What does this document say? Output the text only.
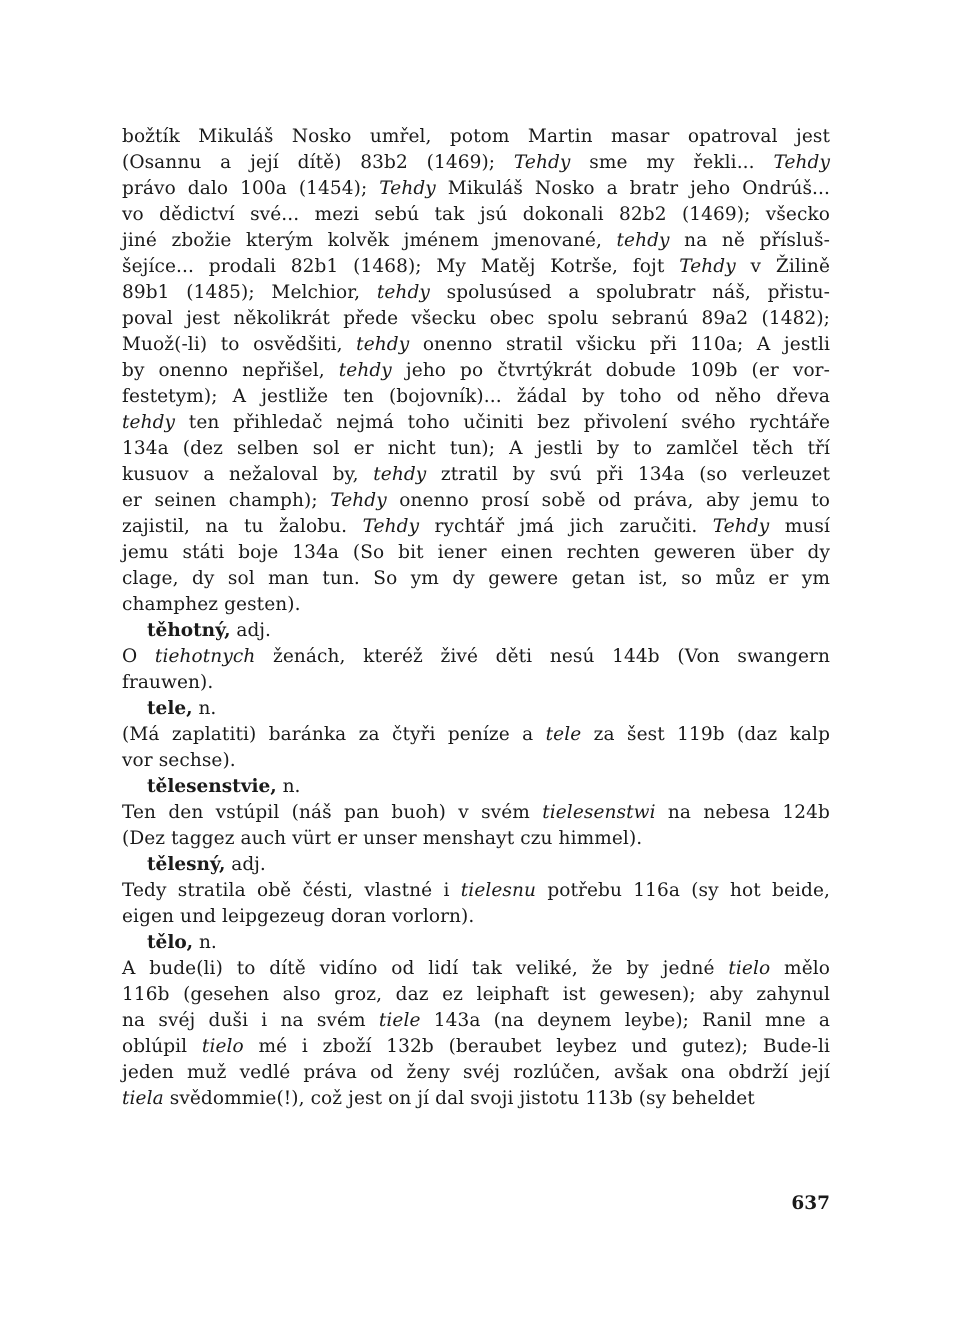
božtík Mikuláš Nosko umřel, potom Martin masar opatroval jest
(Osannu a její dítě) 83b2 (1469); Tehdy sme my řekli... Tehdy
právo dalo 100a (1454); Tehdy Mikuláš Nosko a bratr jeho Ondrúš...
vo dědictví své... mezi sebú tak jsú dokonali 82b2 (1469); všecko
jiné zbožie kterým kolvěk jménem jmenované, tehdy na ně přísluš-
šejíce... prodali 82b1 (1468); My Matěj Kotrše, fojt Tehdy v Žilině
89b1 (1485); Melchior, tehdy spolusúsed a spolubratr náš, přistu-
poval jest několikrát přede všecku obec spolu sebranú 89a2 (1482);
Muož(-li) to osvědšiti, tehdy onenno stratil všicku při 110a; A jestli
by onenno nepřišel, tehdy jeho po čtvrtýkrát dobude 109b (er vor-
festetym); A jestliže ten (bojovník)... žádal by toho od něho dřeva
tehdy ten přihledač nejmá toho učiniti bez přivolení svého rychtáře
134a (dez selben sol er nicht tun); A jestli by to zamlčel těch tří
kusuov a nežaloval by, tehdy ztratil by svú při 134a (so verleuzet
er seinen champh); Tehdy onenno prosí sobě od práva, aby jemu to
zajistil, na tu žalobu. Tehdy rychtář jmá jich zaručiti. Tehdy musí
jemu státi boje 134a (So bit iener einen rechten geweren über dy
clage, dy sol man tun. So ym dy gewere getan ist, so můz er ym
champhez gesten).
těhotný, adj.
O tiehotnych ženách, kteréž živé děti nesú 144b (Von swangern
frauwen).
tele, n.
(Má zaplatiti) baránka za čtyři peníze a tele za šest 119b (daz kalp
vor sechse).
tělesenstvie, n.
Ten den vstúpil (náš pan buoh) v svém tielesenstwi na nebesa 124b
(Dez taggez auch vürt er unser menshayt czu himmel).
tělesný, adj.
Tedy stratila obě čésti, vlastné i tielesnu potřebu 116a (sy hot beide,
eigen und leipgezeug doran vorlorn).
tělo, n.
A bude(li) to dítě vidíno od lidí tak veliké, že by jedné tielo mělo
116b (gesehen also groz, daz ez leiphaft ist gewesen); aby zahynul
na svéj duši i na svém tiele 143a (na deynem leybe); Ranil mne a
oblúpil tielo mé i zboží 132b (beraubet leybez und gutez); Bude-li
jeden muž vedlé práva od ženy svéj rozlúčen, avšak ona obdrží její
tiela svědommie(!), což jest on jí dal svoji jistotu 113b (sy beheldet
637
